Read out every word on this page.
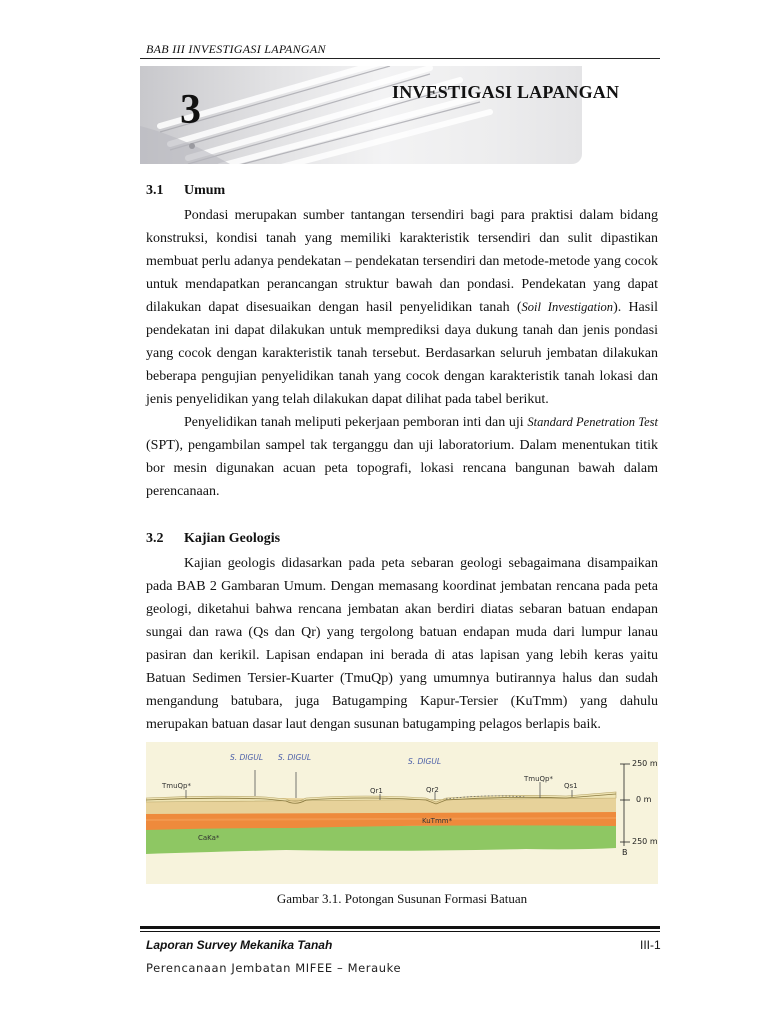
BAB III INVESTIGASI LAPANGAN
3	INVESTIGASI LAPANGAN
3.1 Umum

Pondasi merupakan sumber tantangan tersendiri bagi para praktisi dalam bidang konstruksi, kondisi tanah yang memiliki karakteristik tersendiri dan sulit dipastikan membuat perlu adanya pendekatan – pendekatan tersendiri dan metode-metode yang cocok untuk mendapatkan perancangan struktur bawah dan pondasi. Pendekatan yang dapat dilakukan dapat disesuaikan dengan hasil penyelidikan tanah (Soil Investigation). Hasil pendekatan ini dapat dilakukan untuk memprediksi daya dukung tanah dan jenis pondasi yang cocok dengan karakteristik tanah tersebut. Berdasarkan seluruh jembatan dilakukan beberapa pengujian penyelidikan tanah yang cocok dengan karakteristik tanah lokasi dan jenis penyelidikan yang telah dilakukan dapat dilihat pada tabel berikut.

Penyelidikan tanah meliputi pekerjaan pemboran inti dan uji Standard Penetration Test (SPT), pengambilan sampel tak terganggu dan uji laboratorium. Dalam menentukan titik bor mesin digunakan acuan peta topografi, lokasi rencana bangunan bawah dalam perencanaan.

3.2 Kajian Geologis

Kajian geologis didasarkan pada peta sebaran geologi sebagaimana disampaikan pada BAB 2 Gambaran Umum. Dengan memasang koordinat jembatan rencana pada peta geologi, diketahui bahwa rencana jembatan akan berdiri diatas sebaran batuan endapan sungai dan rawa (Qs dan Qr) yang tergolong batuan endapan muda dari lumpur lanau pasiran dan kerikil. Lapisan endapan ini berada di atas lapisan yang lebih keras yaitu Batuan Sedimen Tersier-Kuarter (TmuQp) yang umumnya butirannya halus dan sudah mengandung batubara, juga Batugamping Kapur-Tersier (KuTmm) yang dahulu merupakan batuan dasar laut dengan susunan batugamping pelagos berlapis baik.

S. DIGUL S. DIGUL	S. DIGUL
TmuQp*
Qr1	Qr2
TmuQp*
Qs1
KuTmm*
CaKa*
250 m
0 m
250 m
B
Gambar 3.1. Potongan Susunan Formasi Batuan
Laporan Survey Mekanika Tanah
Perencanaan Jembatan MIFEE – Merauke
III-1
